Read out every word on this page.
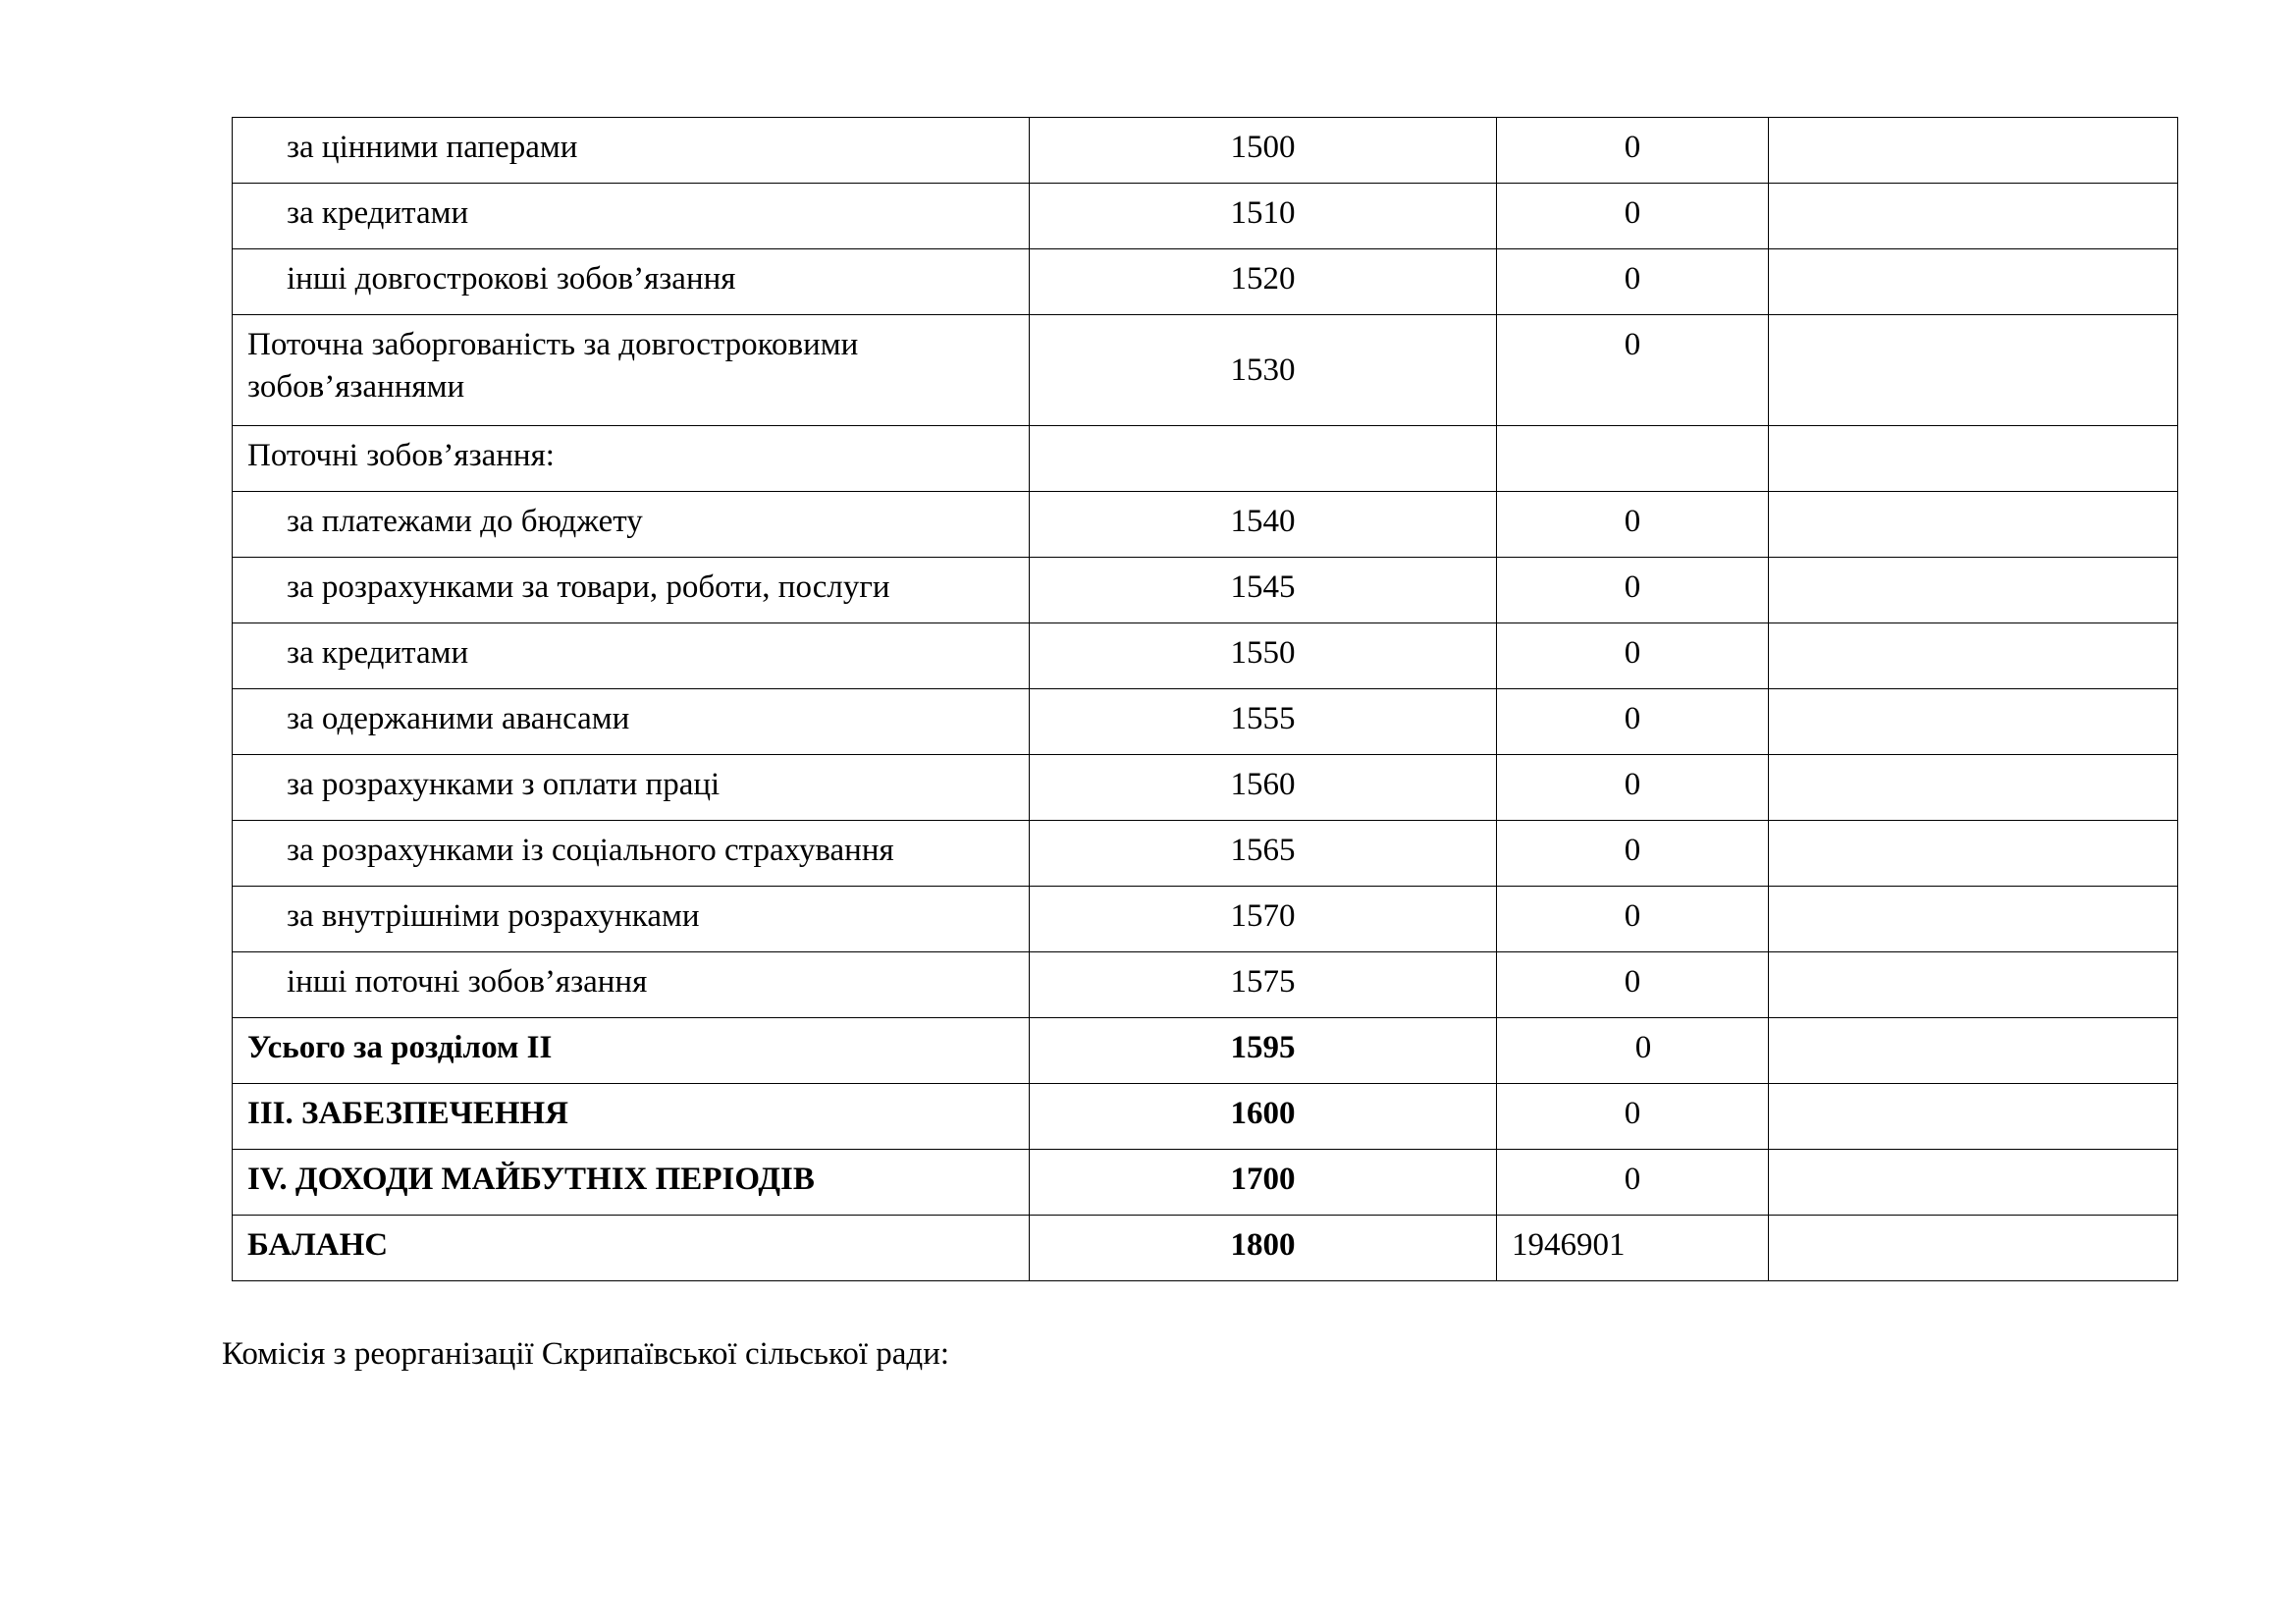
за цінними паперами	1500	0	
за кредитами	1510	0	
інші довгострокові зобов’язання	1520	0	

Поточна заборгованість за довгостроковими
зобов’язаннями	1530	0	
Поточні зобов’язання:			
за платежами до бюджету	1540	0	
за розрахунками за товари, роботи, послуги	1545	0	
за кредитами	1550	0	
за одержаними авансами	1555	0	
за розрахунками з оплати праці	1560	0	
за розрахунками із соціального страхування	1565	0	
за внутрішніми розрахунками	1570	0	
інші поточні зобов’язання	1575	0	
Усього за розділом ІІ	1595	0	
ІІІ. ЗАБЕЗПЕЧЕННЯ	1600	0	
IV. ДОХОДИ МАЙБУТНІХ ПЕРІОДІВ	1700	0	
БАЛАНС	1800	1946901	
Комісія з реорганізації Скрипаївської сільської ради:
